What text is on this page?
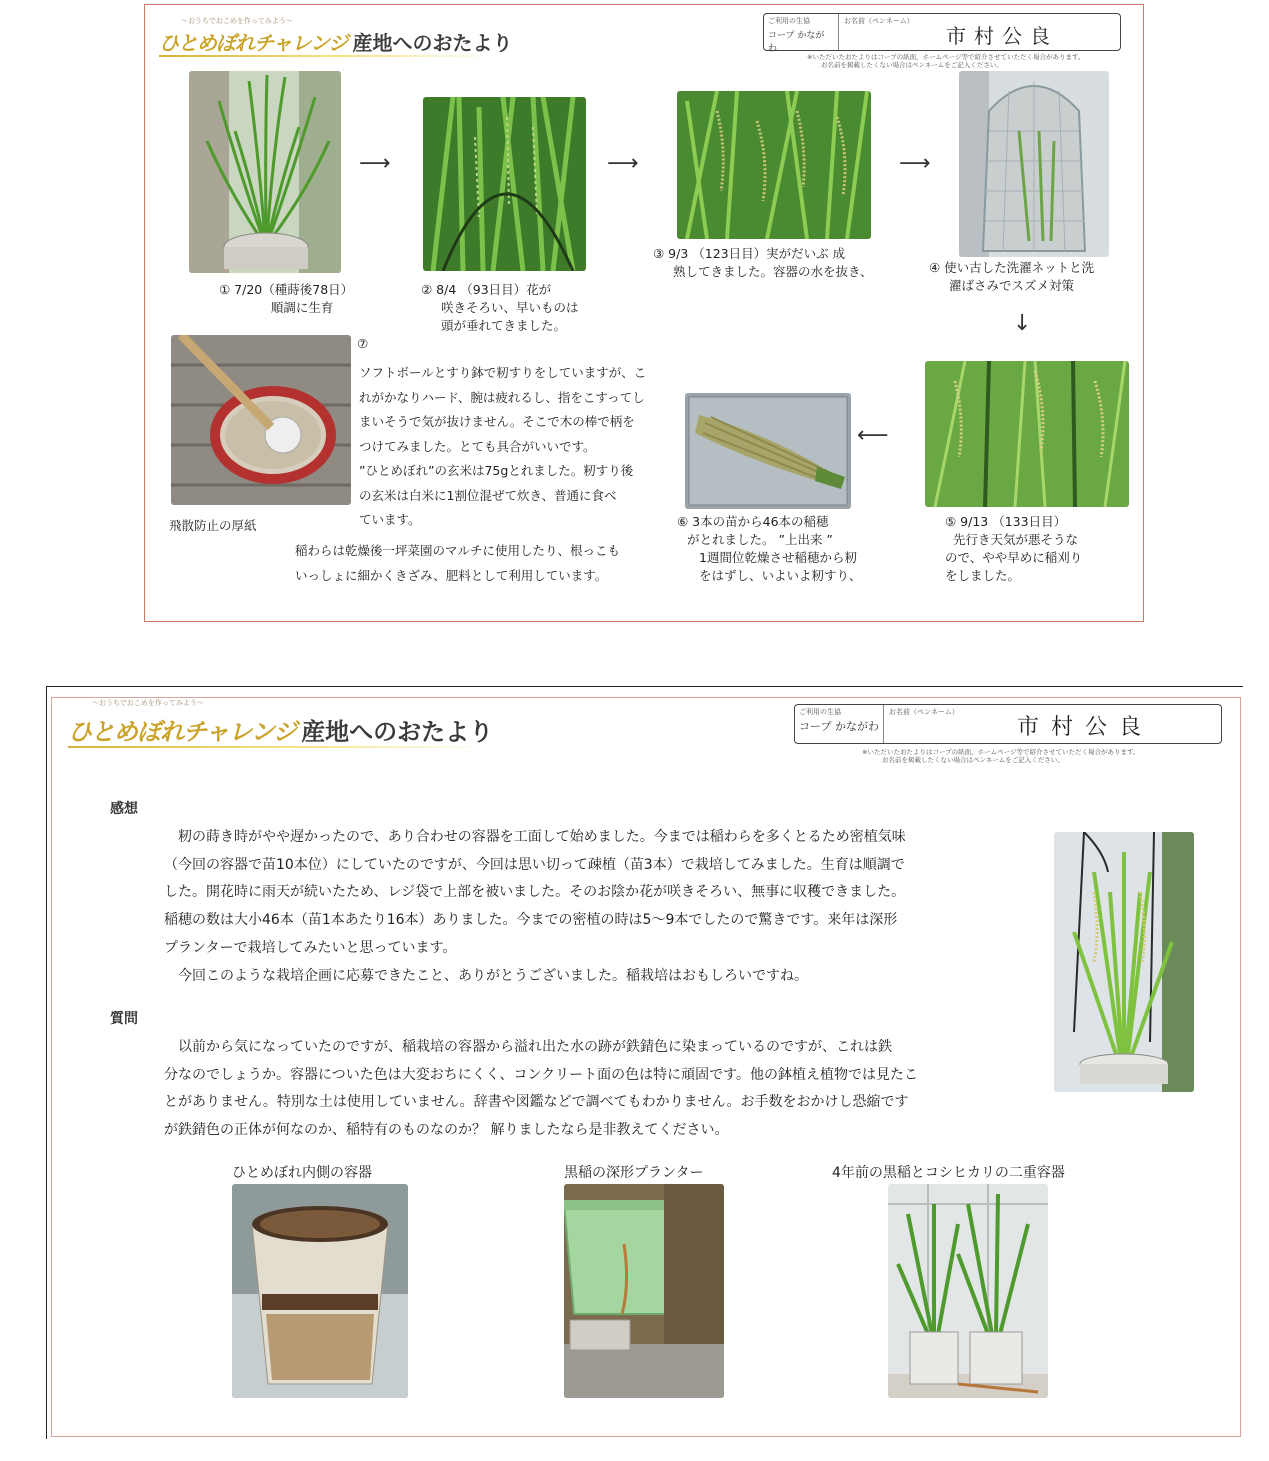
～おうちでおこめを作ってみよう～
ひとめぼれチャレンジ 産地へのおたより
ご利用の生協
コープ かながわ
お名前（ペンネーム）
市村公良
※いただいたおたよりはコープの紙面、ホームページ等で紹介させていただく場合があります。
お名前を掲載したくない場合はペンネームをご記入ください。
① 7/20（種蒔後78日）
順調に生育
⟶
② 8/4 （93日目）花が
咲きそろい、早いものは
頭が垂れてきました。
⟶
③ 9/3 （123日目）実がだいぶ 成
熟してきました。容器の水を抜き、
⟶
④ 使い古した洗濯ネットと洗
濯ばさみでスズメ対策
↓
⑤ 9/13 （133日目）
先行き天気が悪そうな
ので、やや早めに稲刈り
をしました。
⟵
⑥ 3本の苗から46本の稲穂
がとれました。 ”上出来 ”
1週間位乾燥させ稲穂から籾
をはずし、いよいよ籾すり、
飛散防止の厚紙
⑦
ソフトボールとすり鉢で籾すりをしていますが、こ
れがかなりハード、腕は疲れるし、指をこすってし
まいそうで気が抜けません。そこで木の棒で柄を
つけてみました。とても具合がいいです。
”ひとめぼれ”の玄米は75gとれました。籾すり後
の玄米は白米に1割位混ぜて炊き、普通に食べ
ています。
稲わらは乾燥後一坪菜園のマルチに使用したり、根っこも
いっしょに細かくきざみ、肥料として利用しています。
～おうちでおこめを作ってみよう～
ひとめぼれチャレンジ 産地へのおたより
ご利用の生協
コープ かながわ
お名前（ペンネーム）
市村公良
※いただいたおたよりはコープの紙面、ホームページ等で紹介させていただく場合があります。
お名前を掲載したくない場合はペンネームをご記入ください。
感想
籾の蒔き時がやや遅かったので、あり合わせの容器を工面して始めました。今までは稲わらを多くとるため密植気味
（今回の容器で苗10本位）にしていたのですが、今回は思い切って疎植（苗3本）で栽培してみました。生育は順調で
した。開花時に雨天が続いたため、レジ袋で上部を被いました。そのお陰か花が咲きそろい、無事に収穫できました。
稲穂の数は大小46本（苗1本あたり16本）ありました。今までの密植の時は5～9本でしたので驚きです。来年は深形
プランターで栽培してみたいと思っています。
今回このような栽培企画に応募できたこと、ありがとうございました。稲栽培はおもしろいですね。
質問
以前から気になっていたのですが、稲栽培の容器から溢れ出た水の跡が鉄錆色に染まっているのですが、これは鉄
分なのでしょうか。容器についた色は大変おちにくく、コンクリート面の色は特に頑固です。他の鉢植え植物では見たこ
とがありません。特別な土は使用していません。辞書や図鑑などで調べてもわかりません。お手数をおかけし恐縮です
が鉄錆色の正体が何なのか、稲特有のものなのか？ 解りましたなら是非教えてください。
ひとめぼれ内側の容器	黒稲の深形プランター	4年前の黒稲とコシヒカリの二重容器
